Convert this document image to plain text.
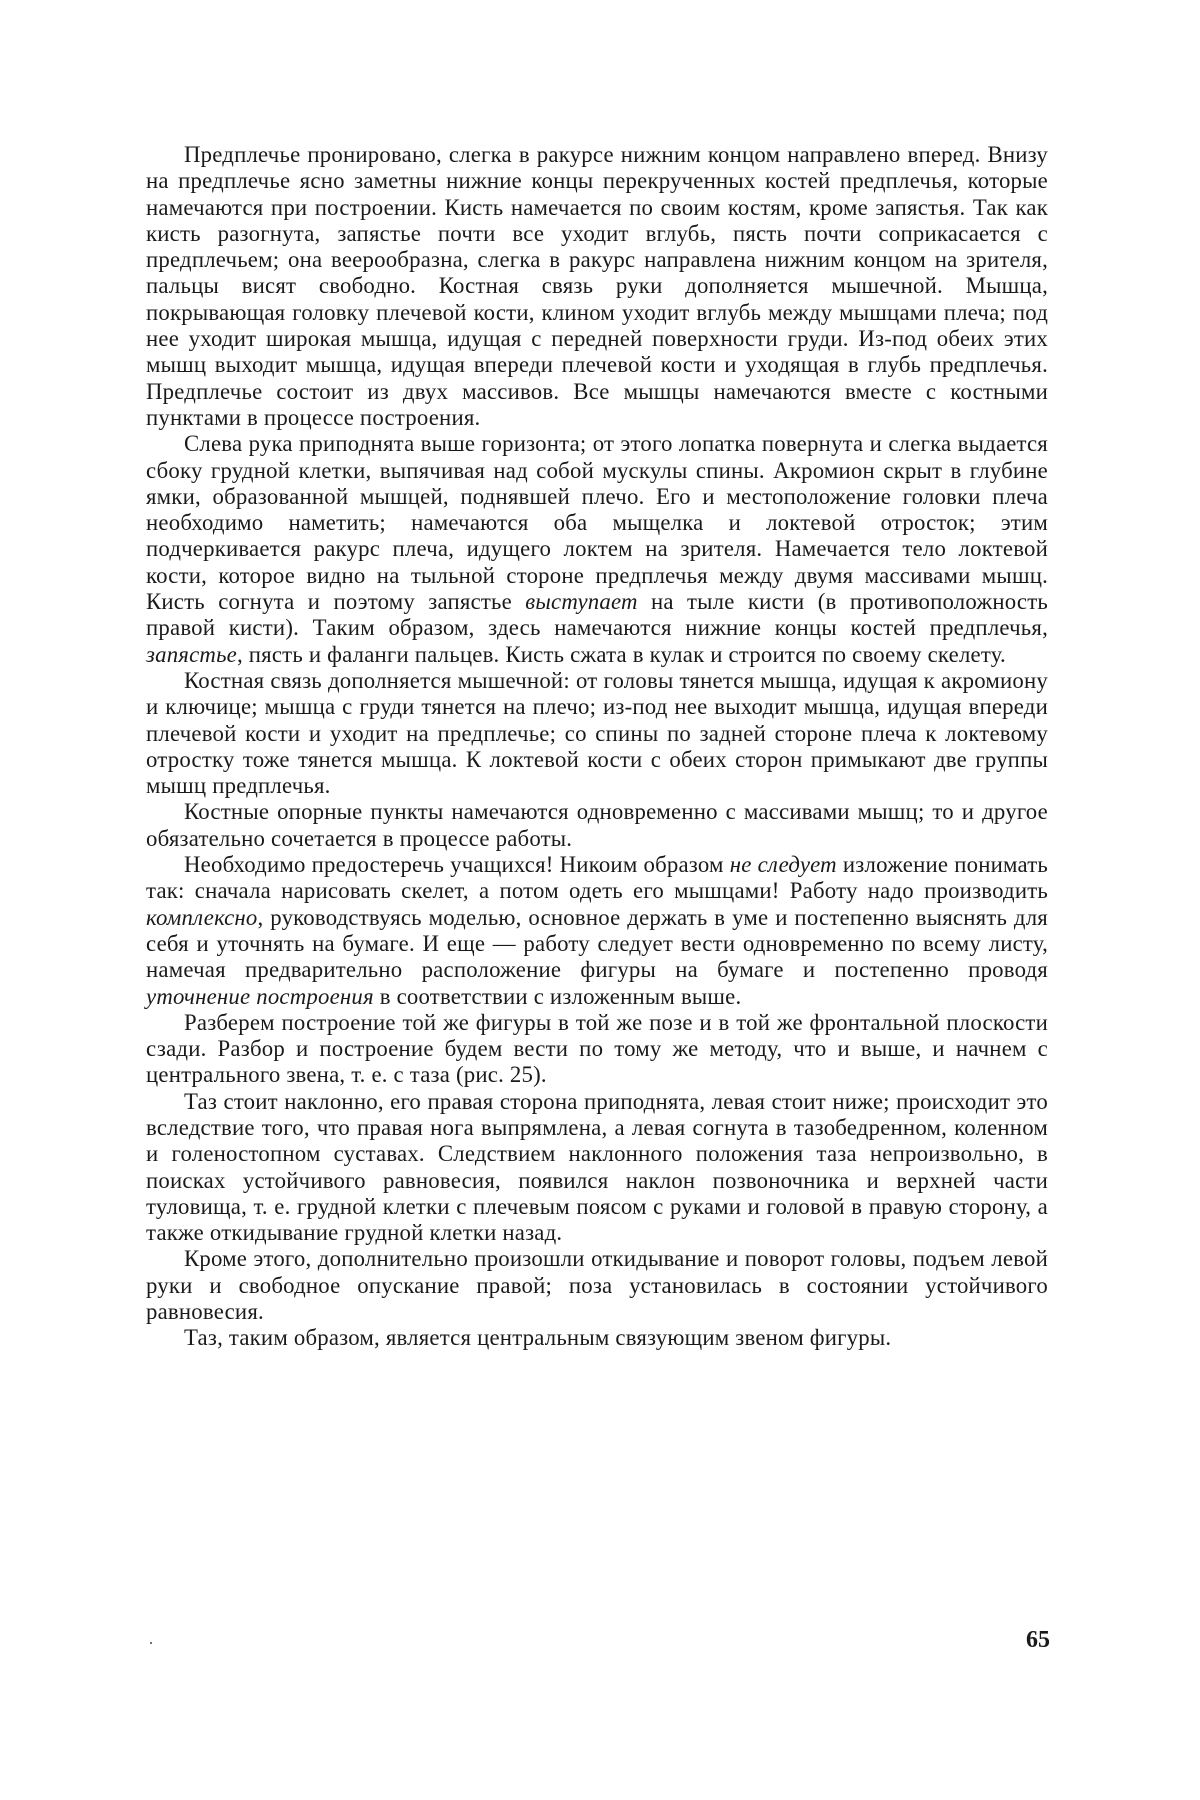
Предплечье пронировано, слегка в ракурсе нижним концом направлено вперед. Внизу на предплечье ясно заметны нижние концы перекрученных костей предплечья, которые намечаются при построении. Кисть намечается по своим костям, кроме запястья. Так как кисть разогнута, запястье почти все уходит вглубь, пясть почти соприкасается с предплечьем; она веерообразна, слегка в ракурс направлена нижним концом на зрителя, пальцы висят свободно. Костная связь руки дополняется мышечной. Мышца, покрывающая головку плечевой кости, клином уходит вглубь между мышцами плеча; под нее уходит широкая мышца, идущая с передней поверхности груди. Из-под обеих этих мышц выходит мышца, идущая впереди плечевой кости и уходящая в глубь предплечья. Предплечье состоит из двух массивов. Все мышцы намечаются вместе с костными пунктами в процессе построения.

Слева рука приподнята выше горизонта; от этого лопатка повернута и слегка выдается сбоку грудной клетки, выпячивая над собой мускулы спины. Акромион скрыт в глубине ямки, образованной мышцей, поднявшей плечо. Его и местоположение головки плеча необходимо наметить; намечаются оба мыщелка и локтевой отросток; этим подчеркивается ракурс плеча, идущего локтем на зрителя. Намечается тело локтевой кости, которое видно на тыльной стороне предплечья между двумя массивами мышц. Кисть согнута и поэтому запястье выступает на тыле кисти (в противоположность правой кисти). Таким образом, здесь намечаются нижние концы костей предплечья, запястье, пясть и фаланги пальцев. Кисть сжата в кулак и строится по своему скелету.

Костная связь дополняется мышечной: от головы тянется мышца, идущая к акромиону и ключице; мышца с груди тянется на плечо; из-под нее выходит мышца, идущая впереди плечевой кости и уходит на предплечье; со спины по задней стороне плеча к локтевому отростку тоже тянется мышца. К локтевой кости с обеих сторон примыкают две группы мышц предплечья.

Костные опорные пункты намечаются одновременно с массивами мышц; то и другое обязательно сочетается в процессе работы.

Необходимо предостеречь учащихся! Никоим образом не следует изложение понимать так: сначала нарисовать скелет, а потом одеть его мышцами! Работу надо производить комплексно, руководствуясь моделью, основное держать в уме и постепенно выяснять для себя и уточнять на бумаге. И еще — работу следует вести одновременно по всему листу, намечая предварительно расположение фигуры на бумаге и постепенно проводя уточнение построения в соответствии с изложенным выше.

Разберем построение той же фигуры в той же позе и в той же фронтальной плоскости сзади. Разбор и построение будем вести по тому же методу, что и выше, и начнем с центрального звена, т. е. с таза (рис. 25).

Таз стоит наклонно, его правая сторона приподнята, левая стоит ниже; происходит это вследствие того, что правая нога выпрямлена, а левая согнута в тазобедренном, коленном и голеностопном суставах. Следствием наклонного положения таза непроизвольно, в поисках устойчивого равновесия, появился наклон позвоночника и верхней части туловища, т. е. грудной клетки с плечевым поясом с руками и головой в правую сторону, а также откидывание грудной клетки назад.

Кроме этого, дополнительно произошли откидывание и поворот головы, подъем левой руки и свободное опускание правой; поза установилась в состоянии устойчивого равновесия.

Таз, таким образом, является центральным связующим звеном фигуры.

65
